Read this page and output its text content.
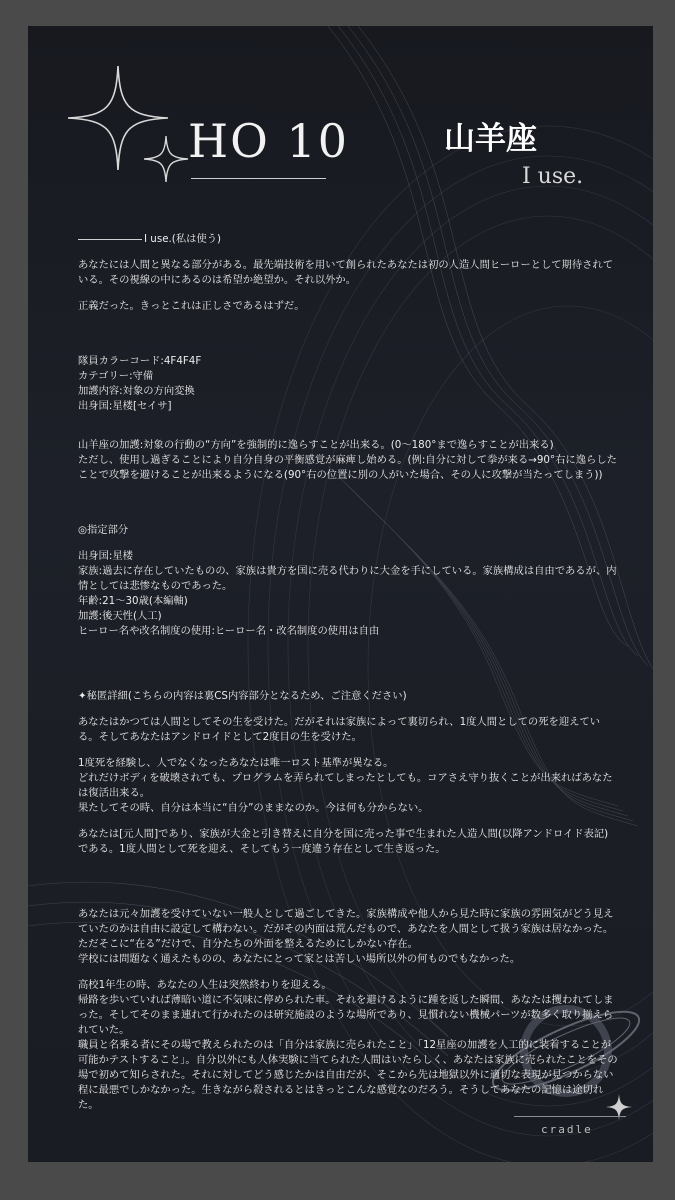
HO 10	山羊座
I use.

I use.(私は使う)

あなたには人間と異なる部分がある。最先端技術を用いて創られたあなたは初の人造人間ヒーローとして期待されている。その視線の中にあるのは希望か絶望か。それ以外か。

正義だった。きっとこれは正しさであるはずだ。

隊員カラーコード:4F4F4F

カテゴリー:守備

加護内容:対象の方向変換

出身国:星楼[セイサ]

山羊座の加護:対象の行動の“方向”を強制的に逸らすことが出来る。(0～180°まで逸らすことが出来る)

ただし、使用し過ぎることにより自分自身の平衡感覚が麻痺し始める。(例:自分に対して拳が来る→90°右に逸らしたことで攻撃を避けることが出来るようになる(90°右の位置に別の人がいた場合、その人に攻撃が当たってしまう))

◎指定部分

出身国:星楼

家族:過去に存在していたものの、家族は貴方を国に売る代わりに大金を手にしている。家族構成は自由であるが、内情としては悲惨なものであった。

年齢:21～30歳(本編軸)

加護:後天性(人工)

ヒーロー名や改名制度の使用:ヒーロー名・改名制度の使用は自由

✦秘匿詳細(こちらの内容は裏CS内容部分となるため、ご注意ください)

あなたはかつては人間としてその生を受けた。だがそれは家族によって裏切られ、1度人間としての死を迎えている。そしてあなたはアンドロイドとして2度目の生を受けた。

1度死を経験し、人でなくなったあなたは唯一ロスト基準が異なる。

どれだけボディを破壊されても、プログラムを弄られてしまったとしても。コアさえ守り抜くことが出来ればあなたは復活出来る。

果たしてその時、自分は本当に“自分”のままなのか。今は何も分からない。

あなたは[元人間]であり、家族が大金と引き替えに自分を国に売った事で生まれた人造人間(以降アンドロイド表記)である。1度人間として死を迎え、そしてもう一度違う存在として生き返った。

あなたは元々加護を受けていない一般人として過ごしてきた。家族構成や他人から見た時に家族の雰囲気がどう見えていたのかは自由に設定して構わない。だがその内面は荒んだもので、あなたを人間として扱う家族は居なかった。ただそこに“在る”だけで、自分たちの外面を整えるためにしかない存在。

学校には問題なく通えたものの、あなたにとって家とは苦しい場所以外の何ものでもなかった。

高校1年生の時、あなたの人生は突然終わりを迎える。

帰路を歩いていれば薄暗い道に不気味に停められた車。それを避けるように踵を返した瞬間、あなたは攫われてしまった。そしてそのまま連れて行かれたのは研究施設のような場所であり、見慣れない機械パーツが数多く取り揃えられていた。

職員と名乗る者にその場で教えられたのは「自分は家族に売られたこと」「12星座の加護を人工的に装着することが可能かテストすること」。自分以外にも人体実験に当てられた人間はいたらしく、あなたは家族に売られたことをその場で初めて知らされた。それに対してどう感じたかは自由だが、そこから先は地獄以外に適切な表現が見つからない程に最悪でしかなかった。生きながら殺されるとはきっとこんな感覚なのだろう。そうしてあなたの記憶は途切れた。

cradle
